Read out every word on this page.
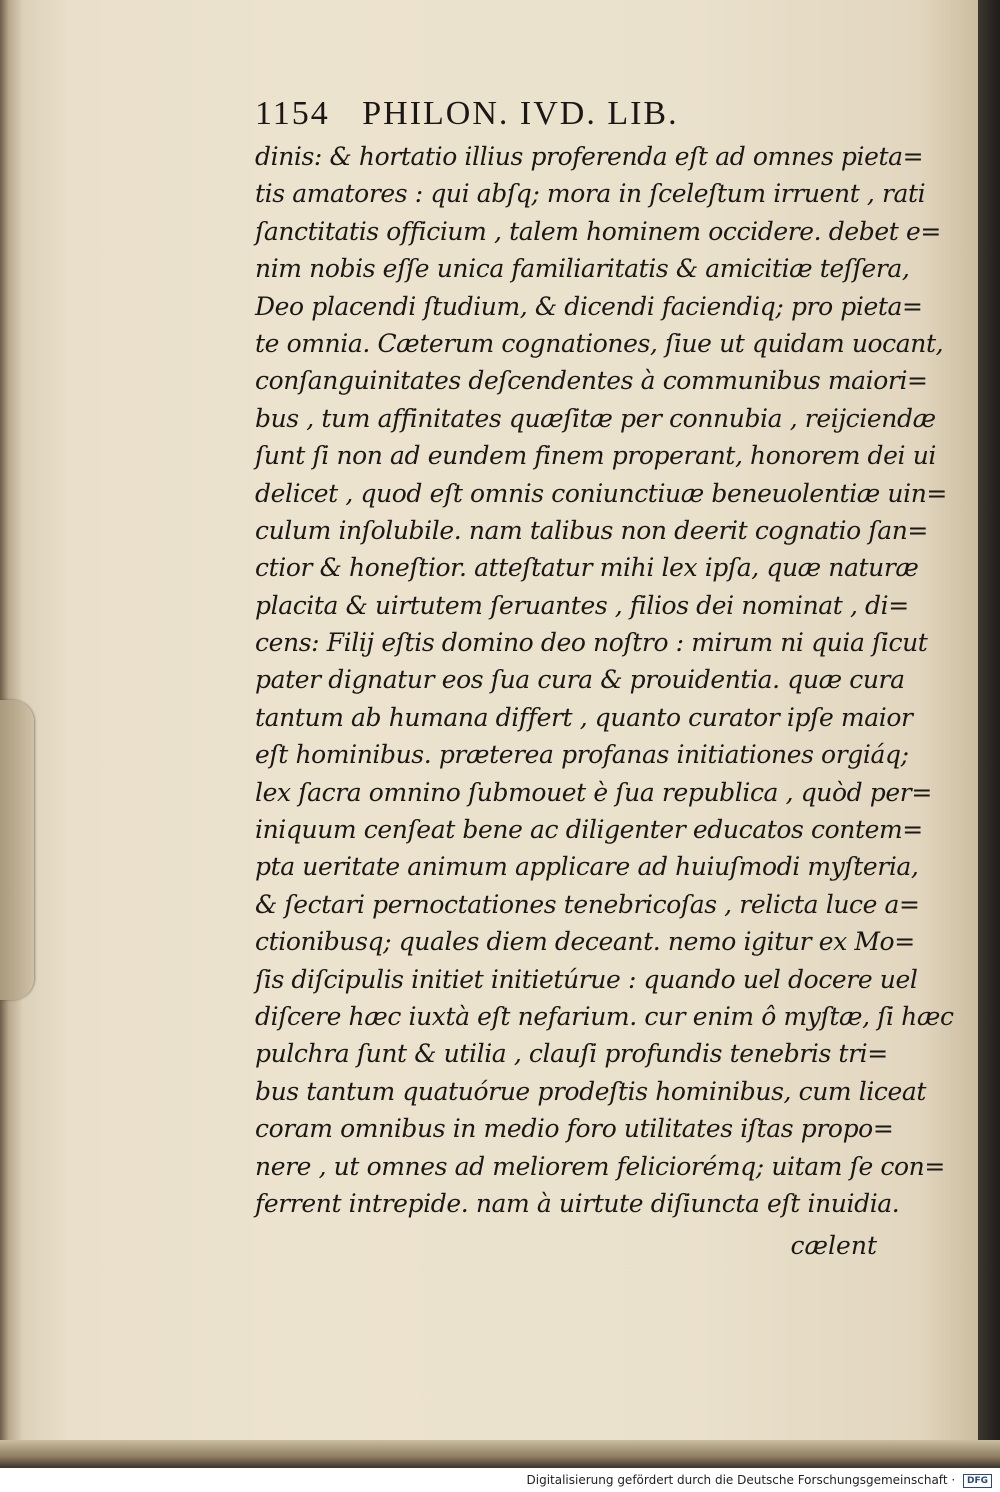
1154 PHILON. IVD. LIB.
dinis: & hortatio illius proferenda eſt ad omnes pieta=
tis amatores : qui abſq; mora in ſceleſtum irruent , rati
ſanctitatis officium , talem hominem occidere. debet e=
nim nobis eſſe unica familiaritatis & amicitiæ teſſera,
Deo placendi ſtudium, & dicendi faciendiq; pro pieta=
te omnia. Cæterum cognationes, ſiue ut quidam uocant,
conſanguinitates deſcendentes à communibus maiori=
bus , tum affinitates quæſitæ per connubia , reijciendæ
ſunt ſi non ad eundem finem properant, honorem dei ui
delicet , quod eſt omnis coniunctiuæ beneuolentiæ uin=
culum inſolubile. nam talibus non deerit cognatio ſan=
ctior & honeſtior. atteſtatur mihi lex ipſa, quæ naturæ
placita & uirtutem ſeruantes , filios dei nominat , di=
cens: Filij eſtis domino deo noſtro : mirum ni quia ſicut
pater dignatur eos ſua cura & prouidentia. quæ cura
tantum ab humana differt , quanto curator ipſe maior
eſt hominibus. præterea profanas initiationes orgiáq;
lex ſacra omnino ſubmouet è ſua republica , quòd per=
iniquum cenſeat bene ac diligenter educatos contem=
pta ueritate animum applicare ad huiuſmodi myſteria,
& ſectari pernoctationes tenebricoſas , relicta luce a=
ctionibusq; quales diem deceant. nemo igitur ex Mo=
ſis diſcipulis initiet initietúrue : quando uel docere uel
diſcere hæc iuxtà eſt nefarium. cur enim ô myſtæ, ſi hæc
pulchra ſunt & utilia , clauſi profundis tenebris tri=
bus tantum quatuórue prodeſtis hominibus, cum liceat
coram omnibus in medio foro utilitates iſtas propo=
nere , ut omnes ad meliorem feliciorémq; uitam ſe con=
ferrent intrepide. nam à uirtute diſiuncta eſt inuidia.
cælent
Digitalisierung gefördert durch die Deutsche Forschungsgemeinschaft · DFG
